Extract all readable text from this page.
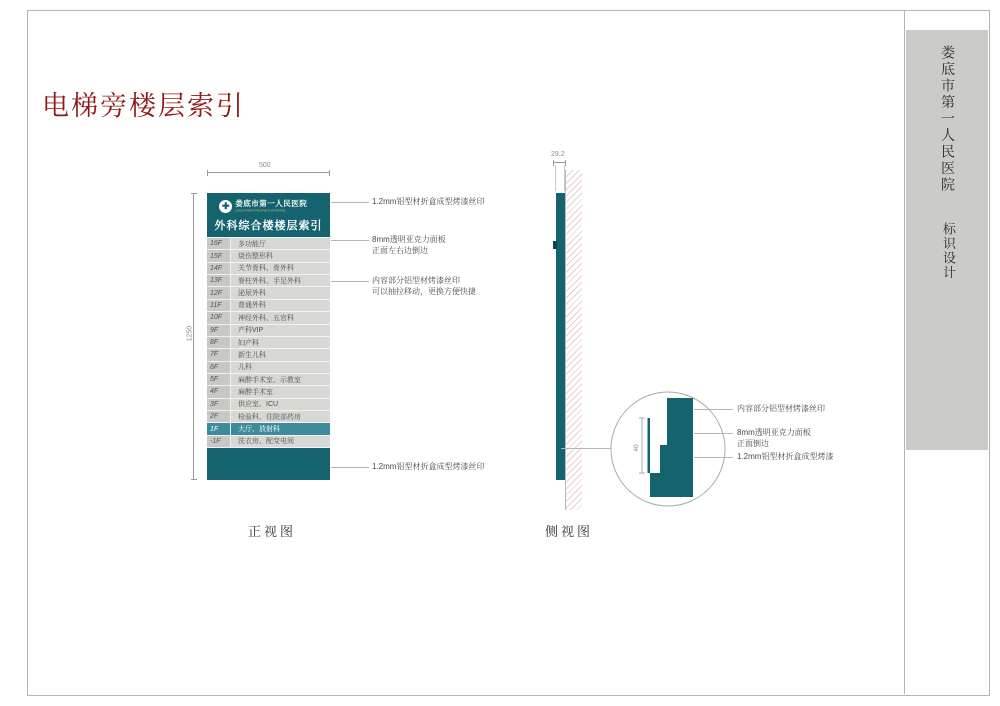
娄底市第一人民医院
标识设计
电梯旁楼层索引
500
1250
✚ 娄底市第一人民医院
LOUDI FIRST PEOPLE'S HOSPITAL
外科综合楼楼层索引
16F	多功能厅
15F	烧伤整形科
14F	关节骨科、骨外科
13F	脊柱外科、手足外科
12F	泌尿外科
11F	普通外科
10F	神经外科、五官科
9F	产科VIP
8F	妇产科
7F	新生儿科
6F	儿科
5F	麻醉手术室、示教室
4F	麻醉手术室
3F	供应室、ICU
2F	检验科、住院部药房
1F	大厅、放射科
-1F	洗衣房、配变电间
1.2mm铝型材折盒成型烤漆丝印
8mm透明亚克力面板
正面左右边倒边
内容部分铝型材烤漆丝印
可以抽拉移动，更换方便快捷
1.2mm铝型材折盒成型烤漆丝印
正视图
29.2
40
内容部分铝型材烤漆丝印
8mm透明亚克力面板
正面倒边
1.2mm铝型材折盒成型烤漆
侧视图
